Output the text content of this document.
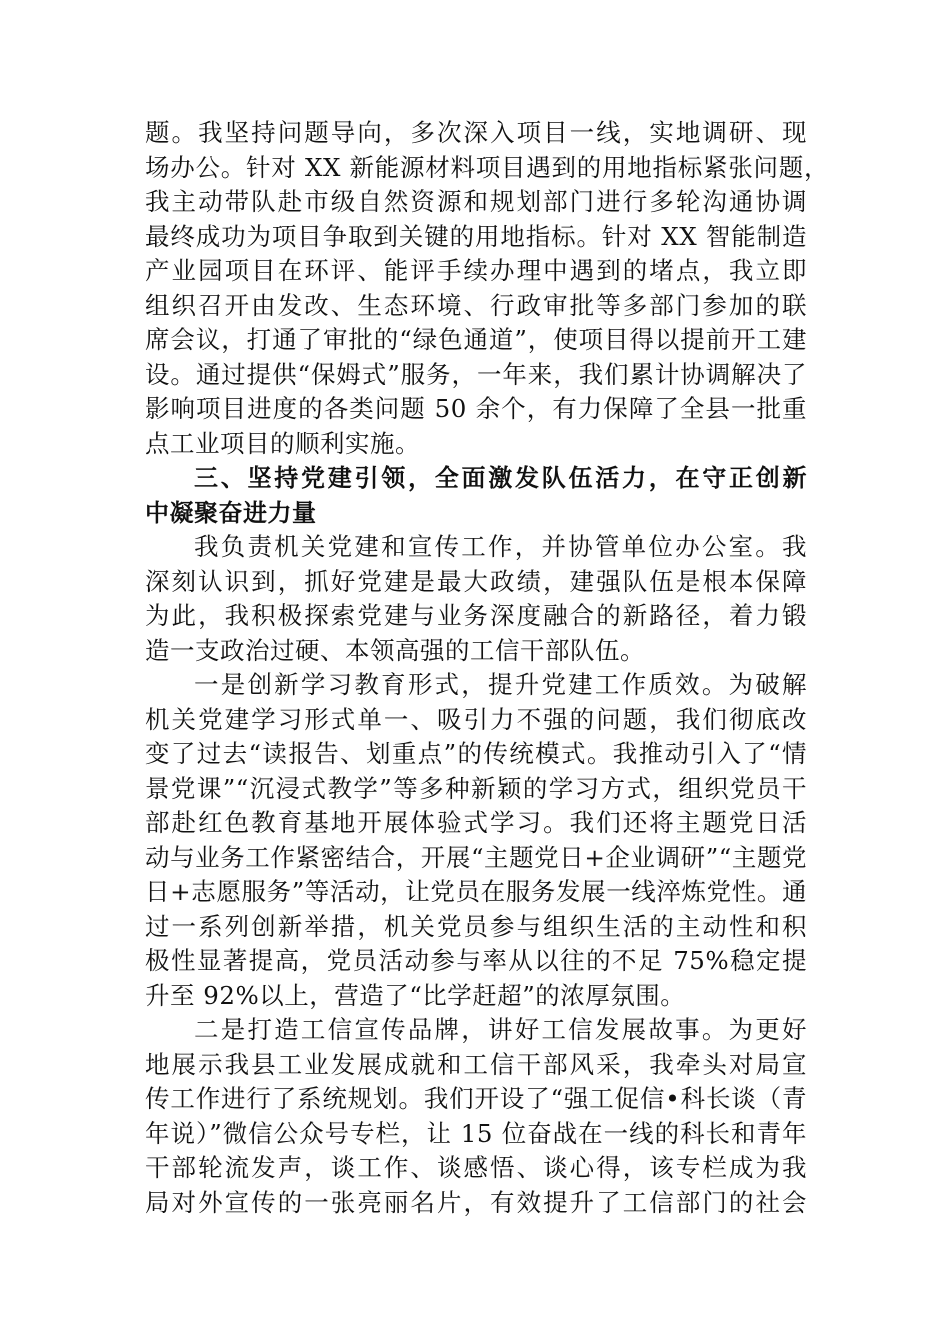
题。我坚持问题导向，多次深入项目一线，实地调研、现
场办公。针对 XX 新能源材料项目遇到的用地指标紧张问题，
我主动带队赴市级自然资源和规划部门进行多轮沟通协调
最终成功为项目争取到关键的用地指标。针对 XX 智能制造
产业园项目在环评、能评手续办理中遇到的堵点，我立即
组织召开由发改、生态环境、行政审批等多部门参加的联
席会议，打通了审批的“绿色通道”，使项目得以提前开工建
设。通过提供“保姆式”服务，一年来，我们累计协调解决了
影响项目进度的各类问题 50 余个，有力保障了全县一批重
点工业项目的顺利实施。
三、坚持党建引领，全面激发队伍活力，在守正创新
中凝聚奋进力量
我负责机关党建和宣传工作，并协管单位办公室。我
深刻认识到，抓好党建是最大政绩，建强队伍是根本保障
为此，我积极探索党建与业务深度融合的新路径，着力锻
造一支政治过硬、本领高强的工信干部队伍。
一是创新学习教育形式，提升党建工作质效。为破解
机关党建学习形式单一、吸引力不强的问题，我们彻底改
变了过去“读报告、划重点”的传统模式。我推动引入了“情
景党课”“沉浸式教学”等多种新颖的学习方式，组织党员干
部赴红色教育基地开展体验式学习。我们还将主题党日活
动与业务工作紧密结合，开展“主题党日+企业调研”“主题党
日+志愿服务”等活动，让党员在服务发展一线淬炼党性。通
过一系列创新举措，机关党员参与组织生活的主动性和积
极性显著提高，党员活动参与率从以往的不足 75%稳定提
升至 92%以上，营造了“比学赶超”的浓厚氛围。
二是打造工信宣传品牌，讲好工信发展故事。为更好
地展示我县工业发展成就和工信干部风采，我牵头对局宣
传工作进行了系统规划。我们开设了“强工促信•科长谈（青
年说）”微信公众号专栏，让 15 位奋战在一线的科长和青年
干部轮流发声，谈工作、谈感悟、谈心得，该专栏成为我
局对外宣传的一张亮丽名片，有效提升了工信部门的社会
